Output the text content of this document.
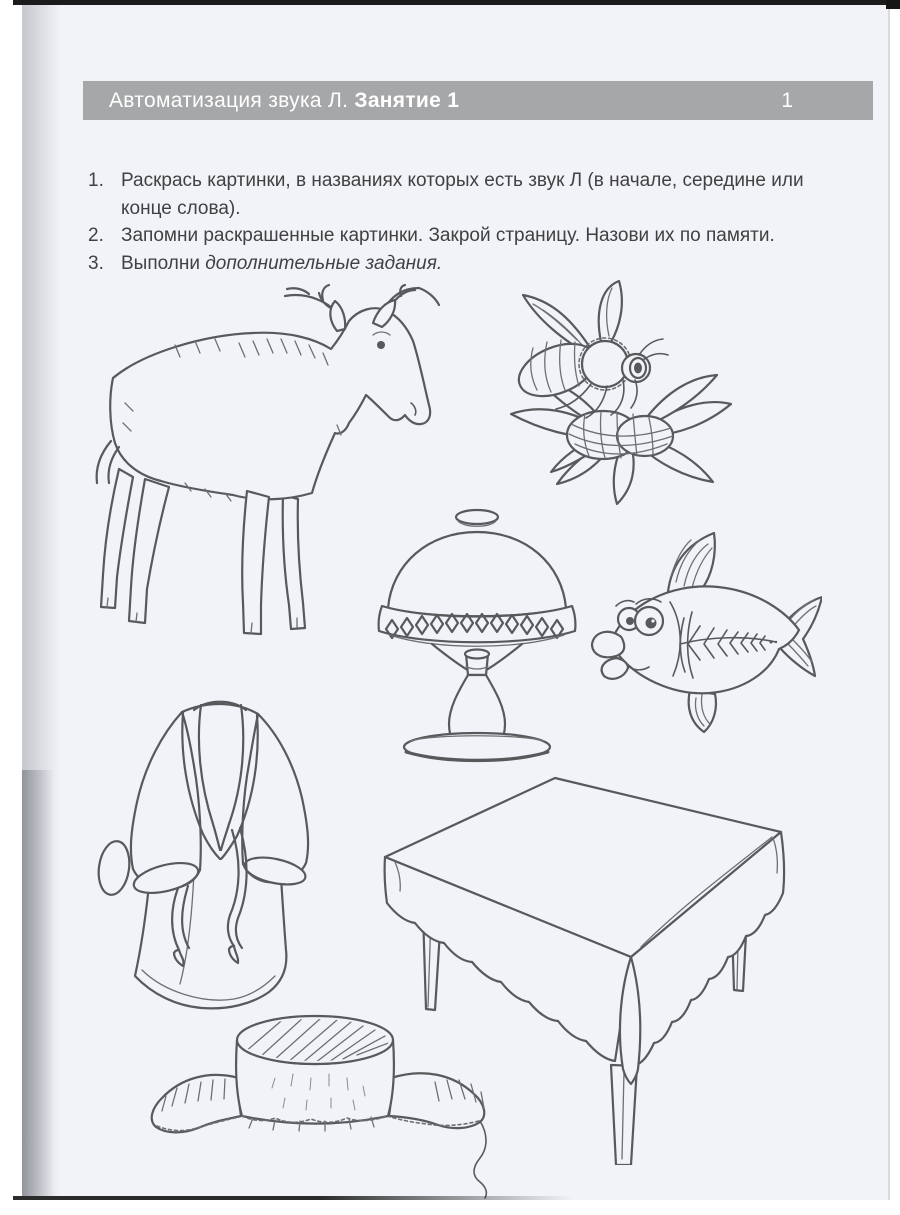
Автоматизация звука Л. Занятие 1	1
1. Раскрась картинки, в названиях которых есть звук Л (в начале, середине или
конце слова).
2. Запомни раскрашенные картинки. Закрой страницу. Назови их по памяти.
3. Выполни дополнительные задания.
